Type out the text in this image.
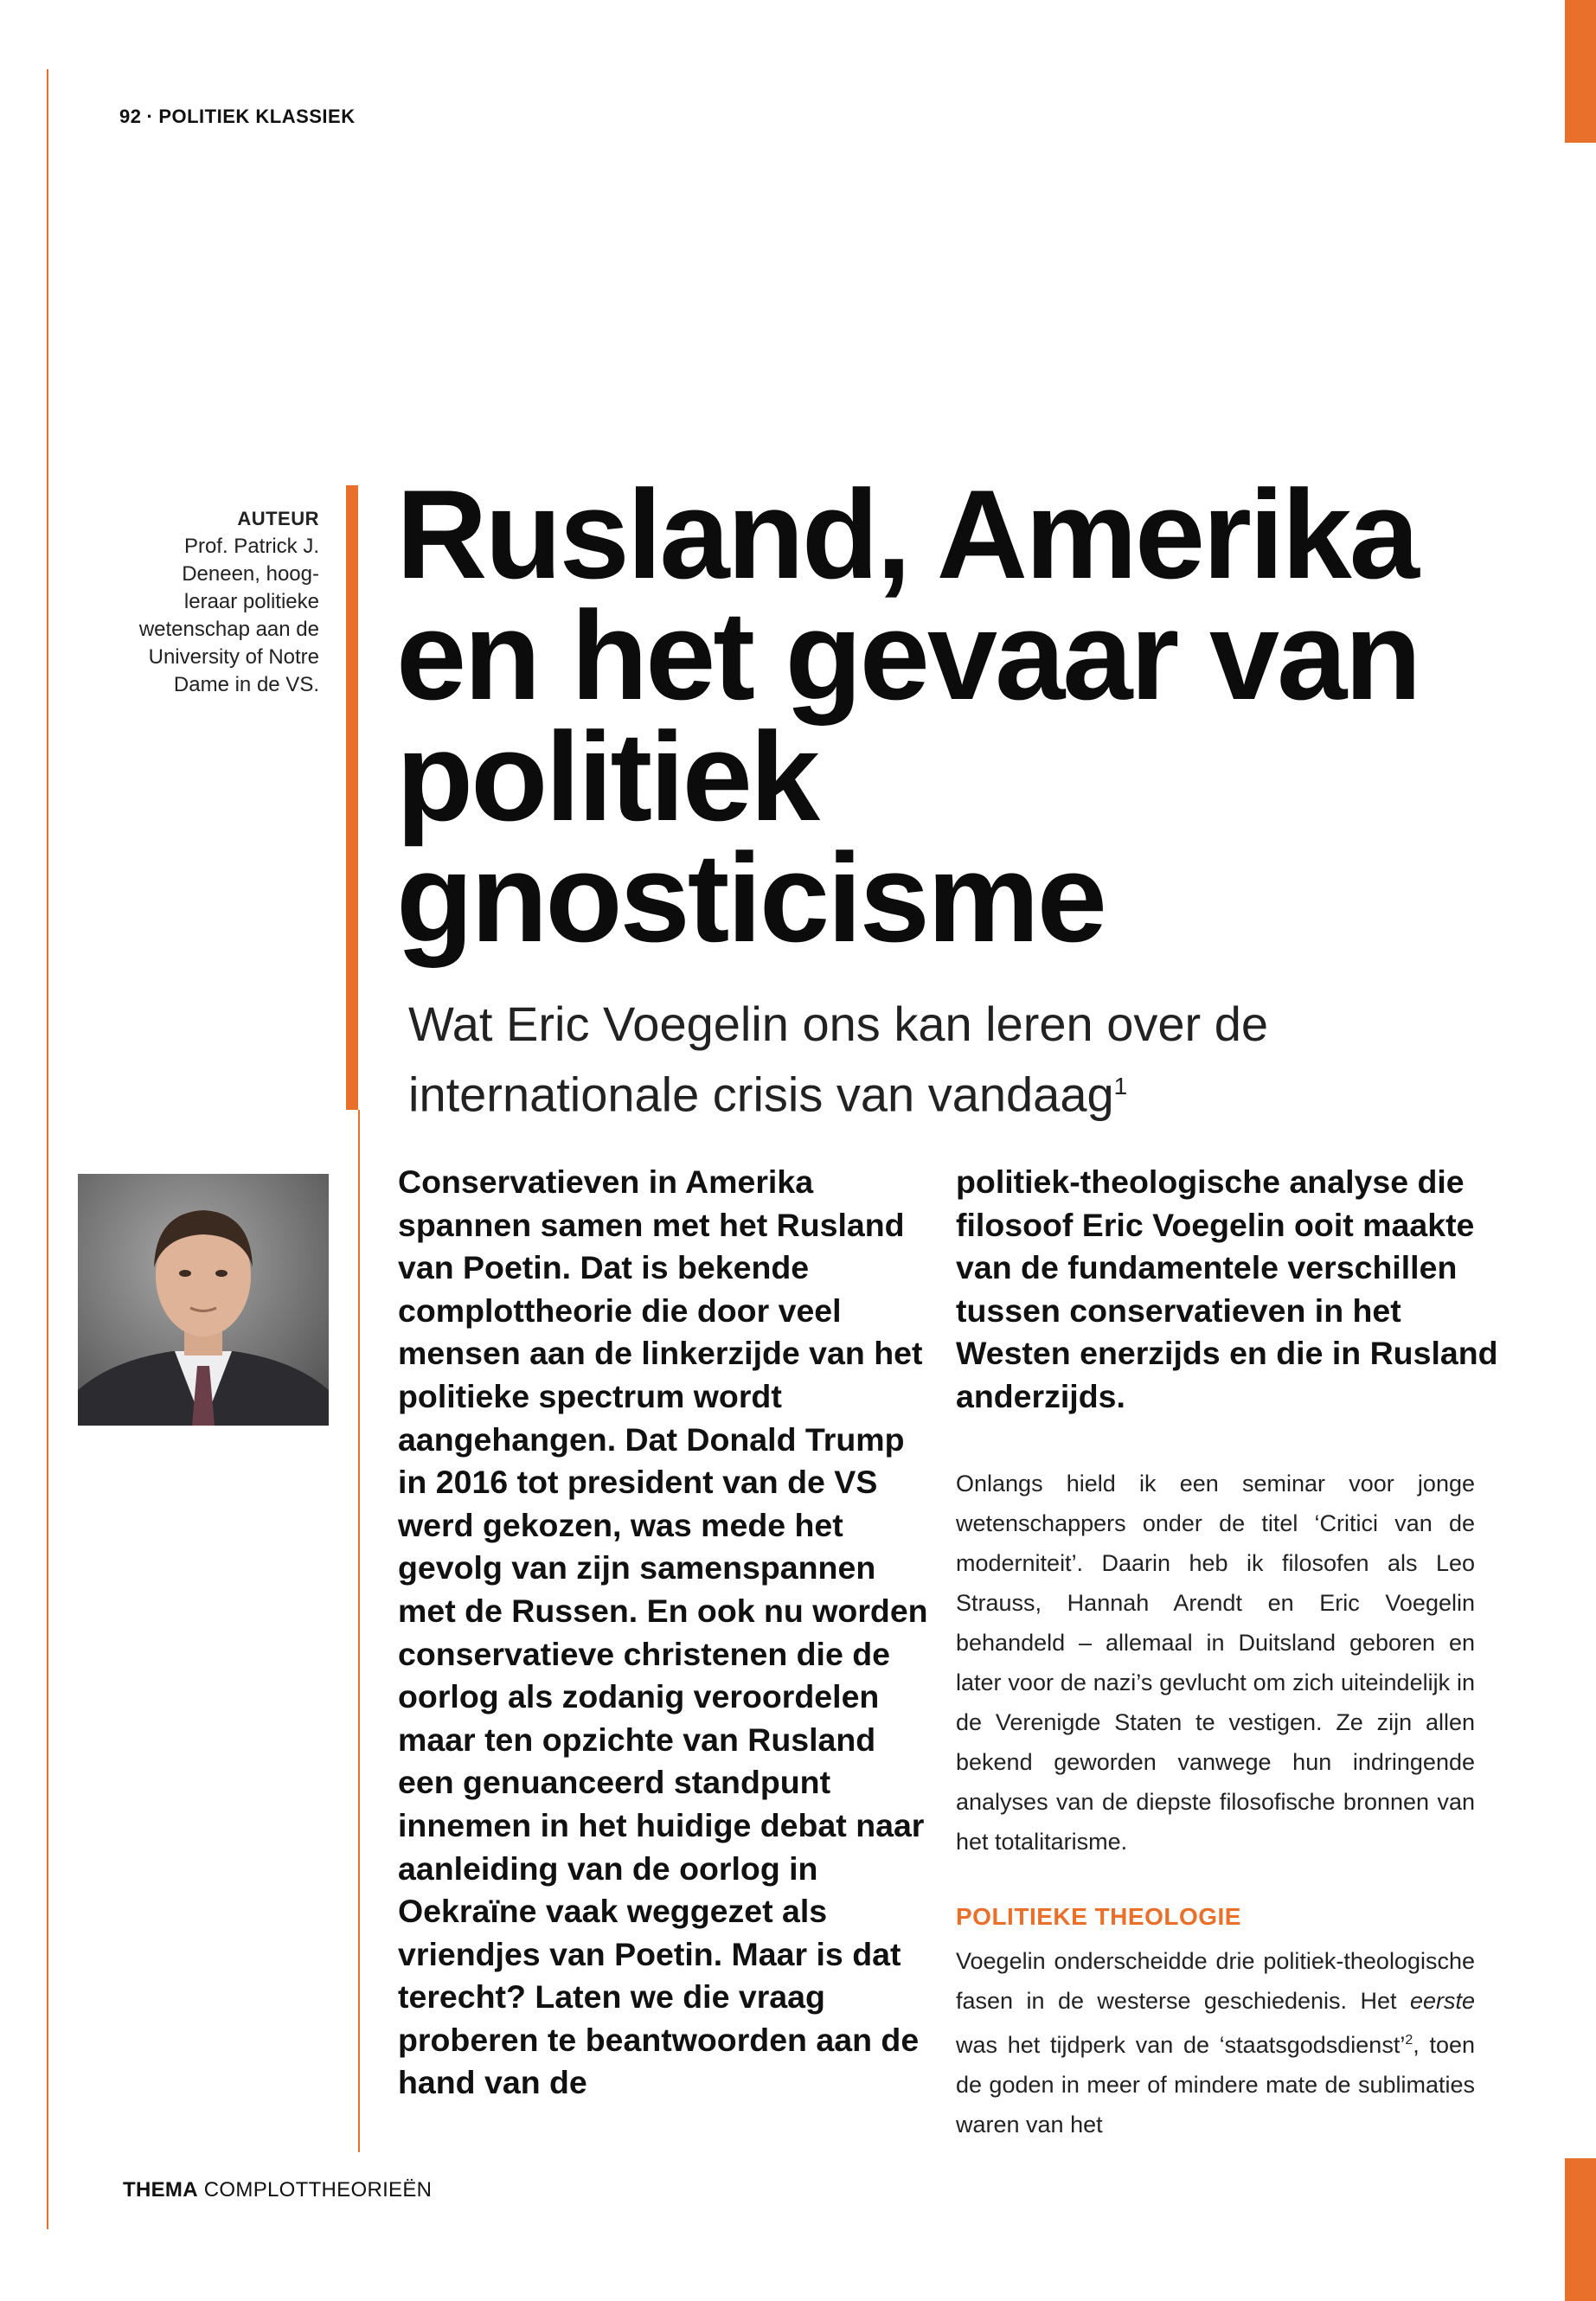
92 · POLITIEK KLASSIEK
AUTEUR
Prof. Patrick J.
Deneen, hoog-
leraar politieke
wetenschap aan de
University of Notre
Dame in de VS.
Rusland, Amerika en het gevaar van politiek gnosticisme

Wat Eric Voegelin ons kan leren over de internationale crisis van vandaag$^1$

Conservatieven in Amerika spannen samen met het Rusland van Poetin. Dat is bekende complottheorie die door veel mensen aan de linkerzijde van het politieke spectrum wordt aangehangen. Dat Donald Trump in 2016 tot president van de VS werd gekozen, was mede het gevolg van zijn samenspannen met de Russen. En ook nu worden conservatieve christenen die de oorlog als zodanig veroordelen maar ten opzichte van Rusland een genuanceerd standpunt innemen in het huidige debat naar aanleiding van de oorlog in Oekraïne vaak weggezet als vriendjes van Poetin. Maar is dat terecht? Laten we die vraag proberen te beantwoorden aan de hand van de

politiek-theologische analyse die filosoof Eric Voegelin ooit maakte van de fundamentele verschillen tussen conservatieven in het Westen enerzijds en die in Rusland anderzijds.

Onlangs hield ik een seminar voor jonge wetenschappers onder de titel ‘Critici van de moderniteit’. Daarin heb ik filosofen als Leo Strauss, Hannah Arendt en Eric Voegelin behandeld – allemaal in Duitsland geboren en later voor de nazi’s gevlucht om zich uiteindelijk in de Verenigde Staten te vestigen. Ze zijn allen bekend geworden vanwege hun indringende analyses van de diepste filosofische bronnen van het totalitarisme.

POLITIEKE THEOLOGIE

Voegelin onderscheidde drie politiek-theologische fasen in de westerse geschiedenis. Het eerste was het tijdperk van de ‘staatsgodsdienst’$^2$, toen de goden in meer of mindere mate de sublimaties waren van het

THEMA COMPLOTTHEORIEËN
